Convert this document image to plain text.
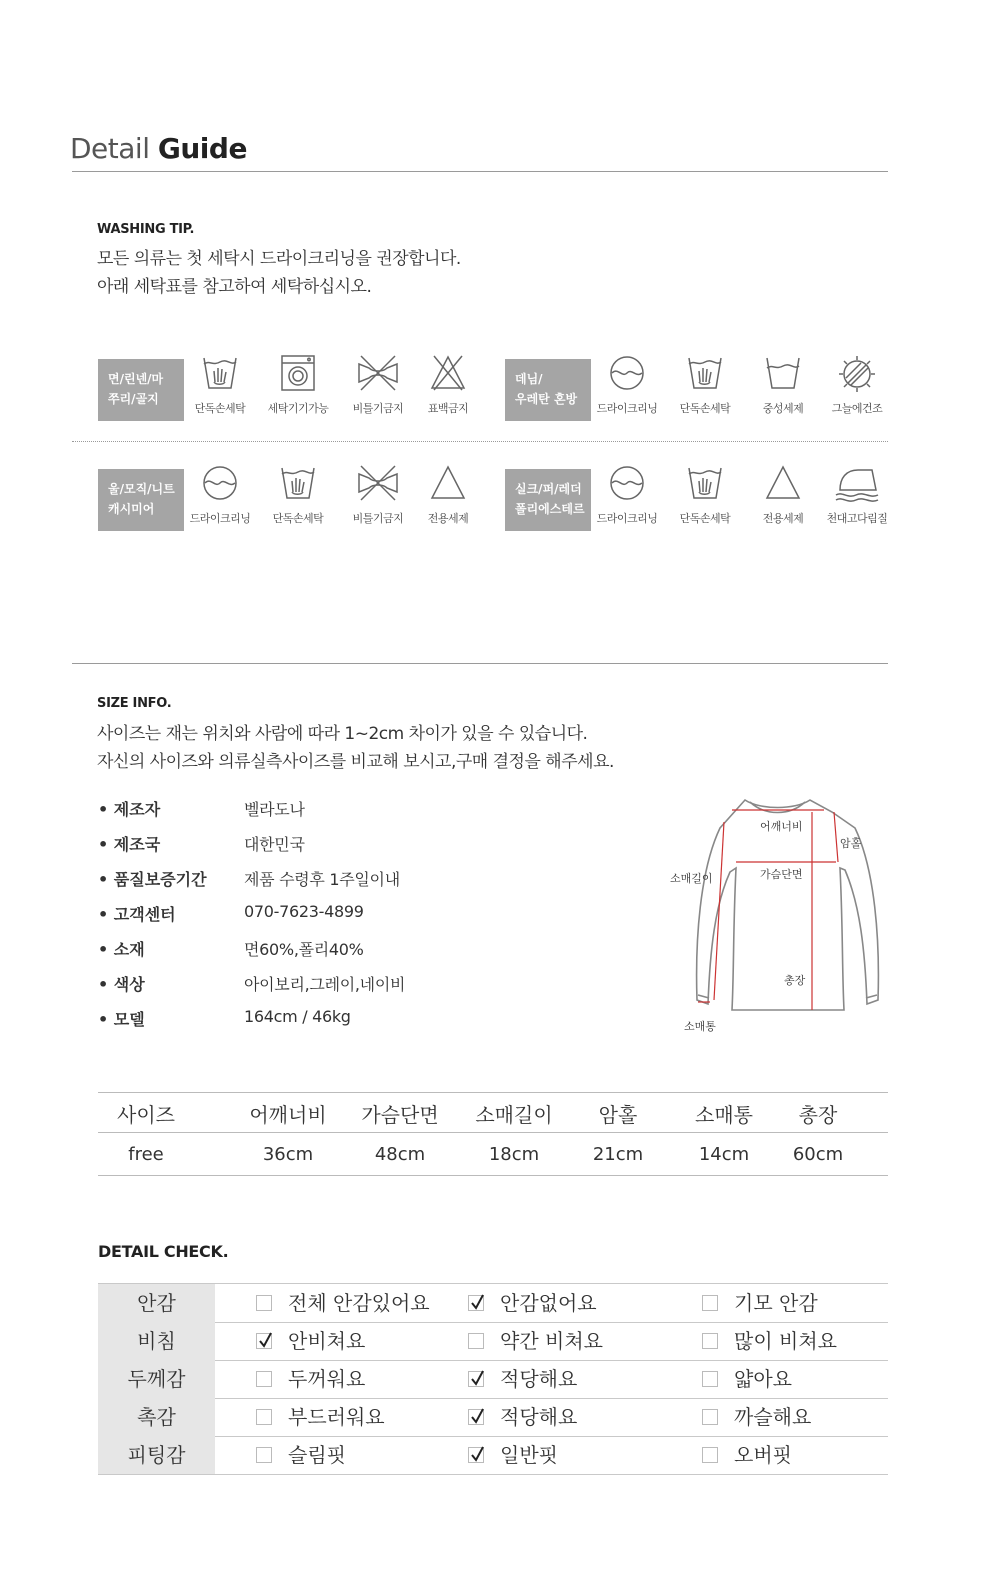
Detail Guide
WASHING TIP.
모든 의류는 첫 세탁시 드라이크리닝을 권장합니다.
아래 세탁표를 참고하여 세탁하십시오.
면/린넨/마
쭈리/골지
단독손세탁	세탁기기가능	비틀기금지	표백금지
데님/
우레탄 혼방
드라이크리닝	단독손세탁	중성세제	그늘에건조
울/모직/니트
캐시미어
드라이크리닝	단독손세탁	비틀기금지	전용세제
실크/퍼/레더
폴리에스테르
드라이크리닝	단독손세탁	전용세제	천대고다림질
SIZE INFO.
사이즈는 재는 위치와 사람에 따라 1~2cm 차이가 있을 수 있습니다.
자신의 사이즈와 의류실측사이즈를 비교해 보시고,구매 결정을 해주세요.
• 제조자	벨라도나
• 제조국	대한민국
• 품질보증기간	제품 수령후 1주일이내
• 고객센터	070-7623-4899
• 소재	면60%,폴리40%
• 색상	아이보리,그레이,네이비
• 모델	164cm / 46kg
어깨너비
암홀
소매길이	가슴단면
총장
소매통
사이즈	어깨너비	가슴단면	소매길이	암홀	소매통	총장
free	36cm	48cm	18cm	21cm	14cm	60cm
DETAIL CHECK.
안감	전체 안감있어요	안감없어요	기모 안감
비침	안비쳐요	약간 비쳐요	많이 비쳐요
두께감	두꺼워요	적당해요	얇아요
촉감	부드러워요	적당해요	까슬해요
피팅감	슬림핏	일반핏	오버핏
